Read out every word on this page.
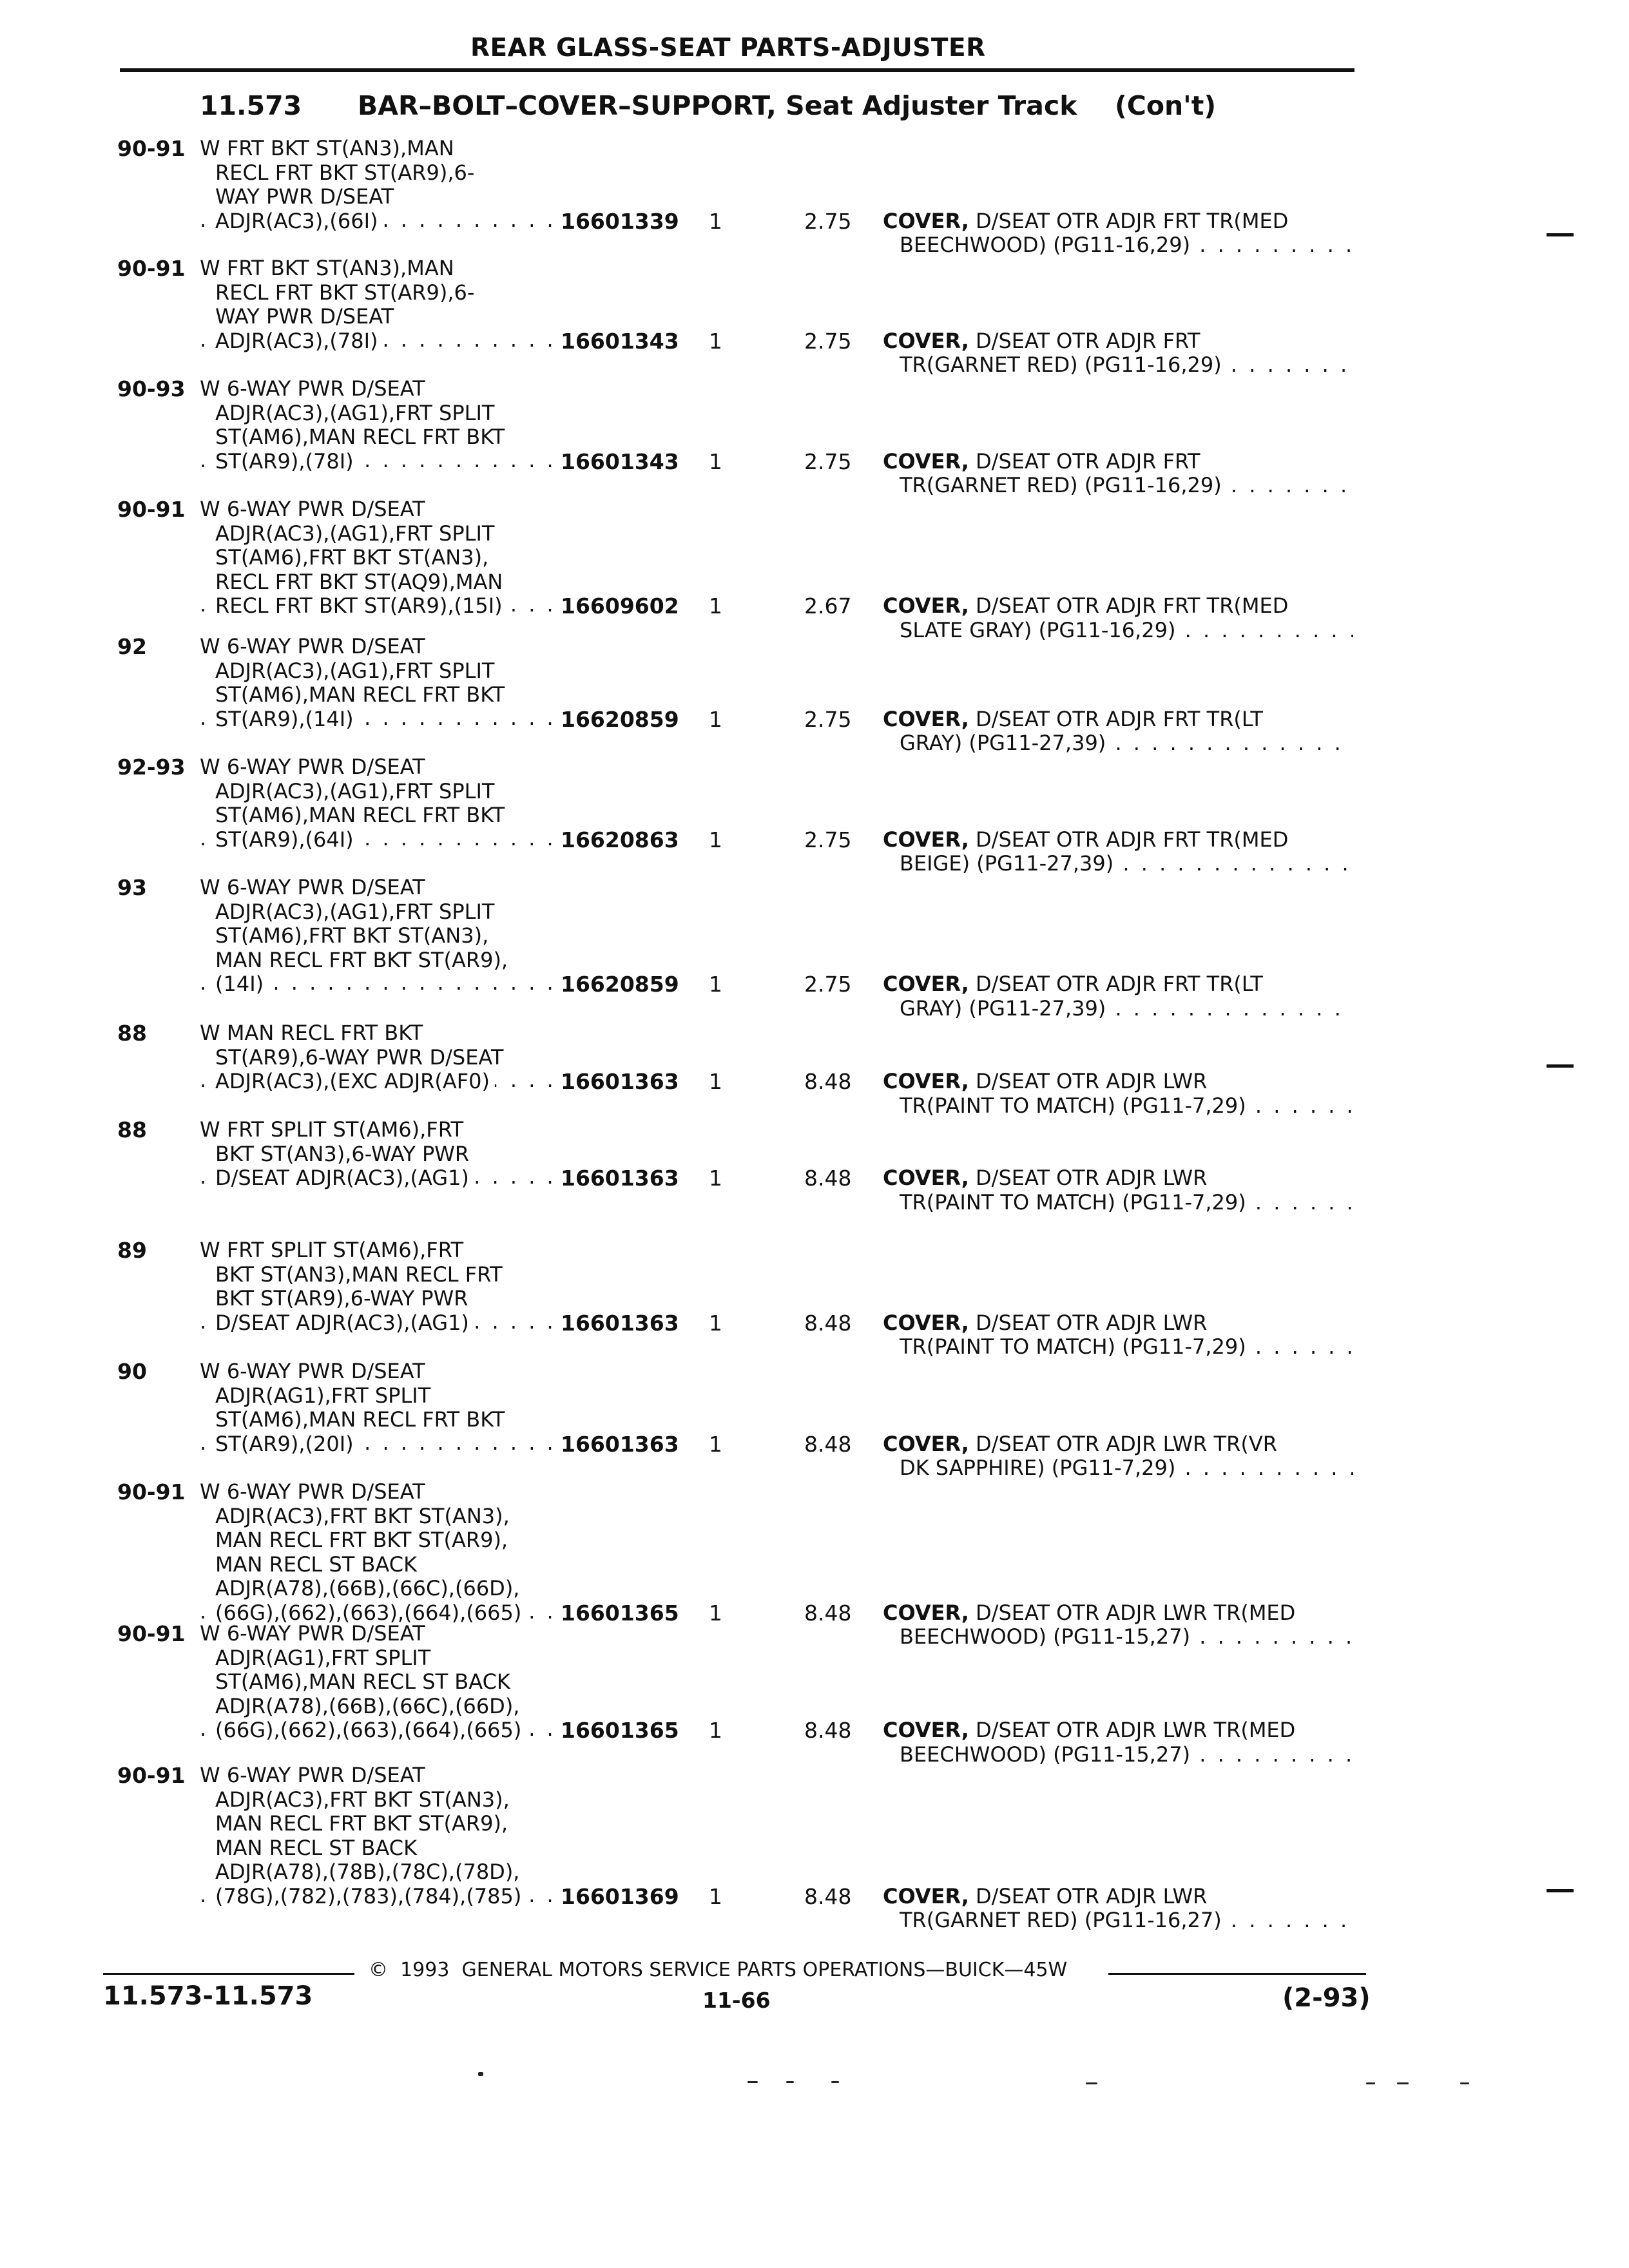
REAR GLASS-SEAT PARTS-ADJUSTER
11.573 BAR–BOLT–COVER–SUPPORT, Seat Adjuster Track (Con't)
90-91 W FRT BKT ST(AN3),MAN
RECL FRT BKT ST(AR9),6-
WAY PWR D/SEAT
. . .
ADJR(AC3),(66I)	16601339 1	2.75 COVER, D/SEAT OTR ADJR FRT TR(MED
BEECHWOOD) (PG11-16,29) . . .
90-91 W FRT BKT ST(AN3),MAN
RECL FRT BKT ST(AR9),6-
WAY PWR D/SEAT
. . .
ADJR(AC3),(78I)	16601343 1	2.75 COVER, D/SEAT OTR ADJR FRT
TR(GARNET RED) (PG11-16,29) . . .
90-93 W 6-WAY PWR D/SEAT
ADJR(AC3),(AG1),FRT SPLIT
ST(AM6),MAN RECL FRT BKT
. . .
ST(AR9),(78I)	16601343 1	2.75 COVER, D/SEAT OTR ADJR FRT
TR(GARNET RED) (PG11-16,29) . . .
90-91 W 6-WAY PWR D/SEAT
ADJR(AC3),(AG1),FRT SPLIT
ST(AM6),FRT BKT ST(AN3),
RECL FRT BKT ST(AQ9),MAN
. . .
RECL FRT BKT ST(AR9),(15I)	16609602 1	2.67 COVER, D/SEAT OTR ADJR FRT TR(MED
SLATE GRAY) (PG11-16,29) . . .
92	W 6-WAY PWR D/SEAT
ADJR(AC3),(AG1),FRT SPLIT
ST(AM6),MAN RECL FRT BKT
. . .
ST(AR9),(14I)	16620859 1	2.75 COVER, D/SEAT OTR ADJR FRT TR(LT
GRAY) (PG11-27,39) . . .
92-93 W 6-WAY PWR D/SEAT
ADJR(AC3),(AG1),FRT SPLIT
ST(AM6),MAN RECL FRT BKT
. . .
ST(AR9),(64I)	16620863 1	2.75 COVER, D/SEAT OTR ADJR FRT TR(MED
BEIGE) (PG11-27,39) . . .
93	W 6-WAY PWR D/SEAT
ADJR(AC3),(AG1),FRT SPLIT
ST(AM6),FRT BKT ST(AN3),
MAN RECL FRT BKT ST(AR9),
. . .
(14I)	16620859 1	2.75 COVER, D/SEAT OTR ADJR FRT TR(LT
GRAY) (PG11-27,39) . . .
88	W MAN RECL FRT BKT
ST(AR9),6-WAY PWR D/SEAT
. . .
ADJR(AC3),(EXC ADJR(AF0)	16601363 1	8.48 COVER, D/SEAT OTR ADJR LWR
TR(PAINT TO MATCH) (PG11-7,29) . . .
88	W FRT SPLIT ST(AM6),FRT
BKT ST(AN3),6-WAY PWR
. . .
D/SEAT ADJR(AC3),(AG1)	16601363 1	8.48 COVER, D/SEAT OTR ADJR LWR
TR(PAINT TO MATCH) (PG11-7,29) . . .
89	W FRT SPLIT ST(AM6),FRT
BKT ST(AN3),MAN RECL FRT
BKT ST(AR9),6-WAY PWR
. . .
D/SEAT ADJR(AC3),(AG1)	16601363 1	8.48 COVER, D/SEAT OTR ADJR LWR
TR(PAINT TO MATCH) (PG11-7,29) . . .
90	W 6-WAY PWR D/SEAT
ADJR(AG1),FRT SPLIT
ST(AM6),MAN RECL FRT BKT
. . .
ST(AR9),(20I)	16601363 1	8.48 COVER, D/SEAT OTR ADJR LWR TR(VR
DK SAPPHIRE) (PG11-7,29) . . .
90-91 W 6-WAY PWR D/SEAT
ADJR(AC3),FRT BKT ST(AN3),
MAN RECL FRT BKT ST(AR9),
MAN RECL ST BACK
ADJR(A78),(66B),(66C),(66D),
. . .
(66G),(662),(663),(664),(665)	16601365 1	8.48 COVER, D/SEAT OTR ADJR LWR TR(MED
BEECHWOOD) (PG11-15,27) . . .
90-91 W 6-WAY PWR D/SEAT
ADJR(AG1),FRT SPLIT
ST(AM6),MAN RECL ST BACK
ADJR(A78),(66B),(66C),(66D),
. . .
(66G),(662),(663),(664),(665)	16601365 1	8.48 COVER, D/SEAT OTR ADJR LWR TR(MED
BEECHWOOD) (PG11-15,27) . . .
90-91 W 6-WAY PWR D/SEAT
ADJR(AC3),FRT BKT ST(AN3),
MAN RECL FRT BKT ST(AR9),
MAN RECL ST BACK
ADJR(A78),(78B),(78C),(78D),
. . .
(78G),(782),(783),(784),(785)	16601369 1	8.48 COVER, D/SEAT OTR ADJR LWR
TR(GARNET RED) (PG11-16,27) . . .
©  1993  GENERAL MOTORS SERVICE PARTS OPERATIONS—BUICK—45W
11.573-11.573	11-66	(2-93)
